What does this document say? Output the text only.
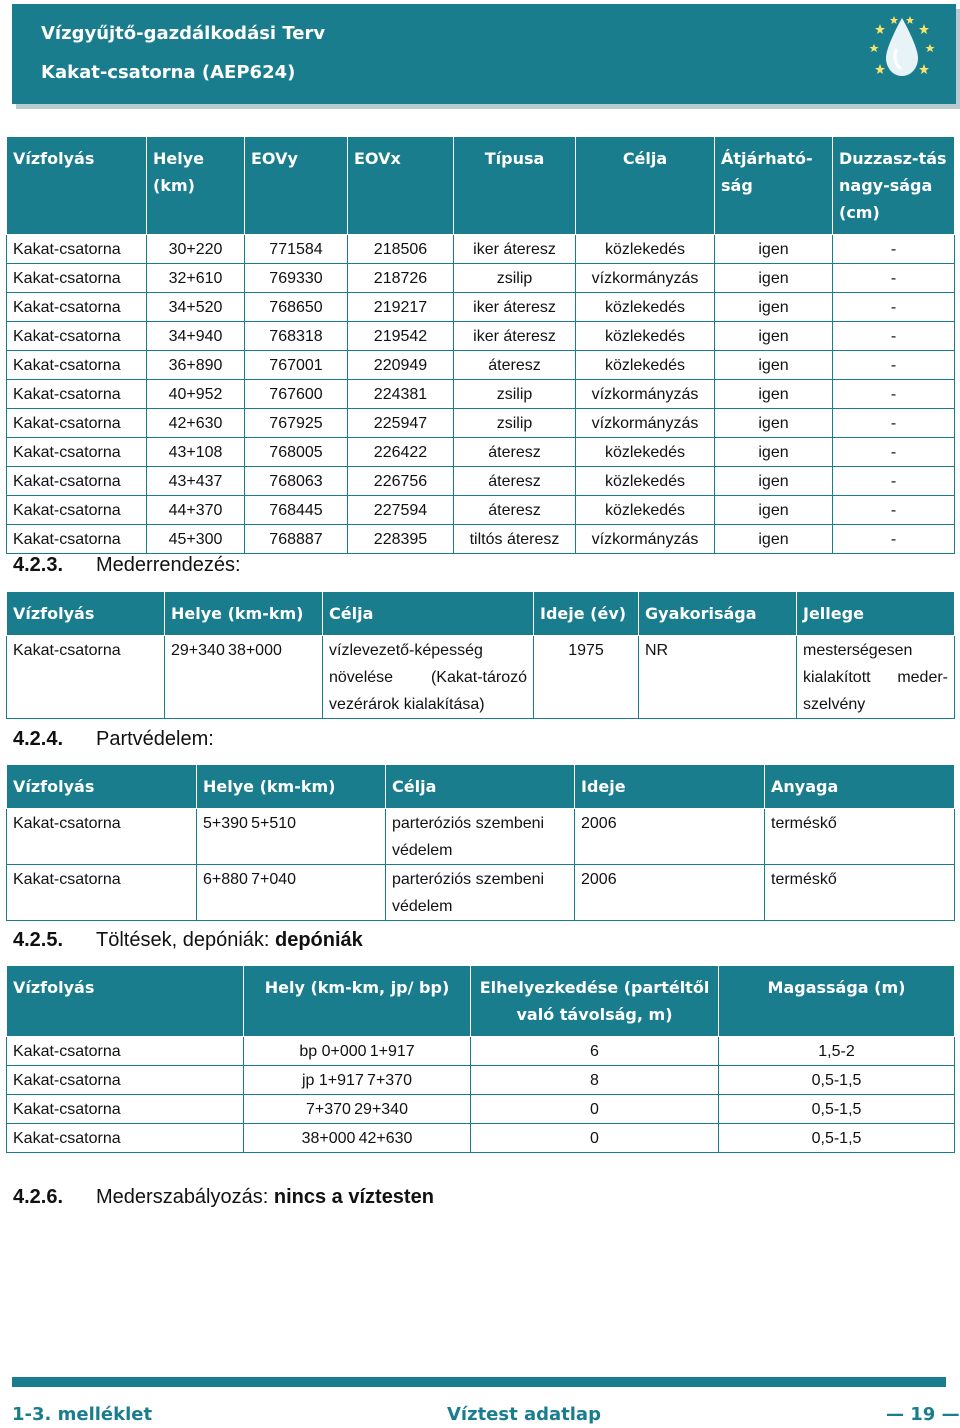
Vízgyűjtő-gazdálkodási Terv
Kakat-csatorna (AEP624)
Vízfolyás	Helye (km)	EOVy	EOVx	Típusa	Célja	Átjárható-ság	Duzzasz-tás nagy-sága (cm)
Kakat-csatorna	30+220	771584	218506	iker áteresz	közlekedés	igen	-
Kakat-csatorna	32+610	769330	218726	zsilip	vízkormányzás	igen	-
Kakat-csatorna	34+520	768650	219217	iker áteresz	közlekedés	igen	-
Kakat-csatorna	34+940	768318	219542	iker áteresz	közlekedés	igen	-
Kakat-csatorna	36+890	767001	220949	áteresz	közlekedés	igen	-
Kakat-csatorna	40+952	767600	224381	zsilip	vízkormányzás	igen	-
Kakat-csatorna	42+630	767925	225947	zsilip	vízkormányzás	igen	-
Kakat-csatorna	43+108	768005	226422	áteresz	közlekedés	igen	-
Kakat-csatorna	43+437	768063	226756	áteresz	közlekedés	igen	-
Kakat-csatorna	44+370	768445	227594	áteresz	közlekedés	igen	-
Kakat-csatorna	45+300	768887	228395	tiltós áteresz	vízkormányzás	igen	-
4.2.3. Mederrendezés:
Vízfolyás	Helye (km-km)	Célja	Ideje (év)	Gyakorisága	Jellege
Kakat-csatorna	29+340 38+000	vízlevezető-képesség növelése (Kakat-tározó vezérárok kialakítása)	1975	NR	mesterségesen kialakított meder-szelvény
4.2.4. Partvédelem:
Vízfolyás	Helye (km-km)	Célja	Ideje	Anyaga
Kakat-csatorna	5+390 5+510	parteróziós szembeni védelem	2006	terméskő
Kakat-csatorna	6+880 7+040	parteróziós szembeni védelem	2006	terméskő
4.2.5. Töltések, depóniák: depóniák
Vízfolyás	Hely (km-km, jp/ bp)	Elhelyezkedése (partéltől való távolság, m)	Magassága (m)
Kakat-csatorna	bp 0+000 1+917	6	1,5-2
Kakat-csatorna	jp 1+917 7+370	8	0,5-1,5
Kakat-csatorna	7+370 29+340	0	0,5-1,5
Kakat-csatorna	38+000 42+630	0	0,5-1,5
4.2.6. Mederszabályozás: nincs a víztesten
1-3. melléklet	Víztest adatlap	— 19 —
